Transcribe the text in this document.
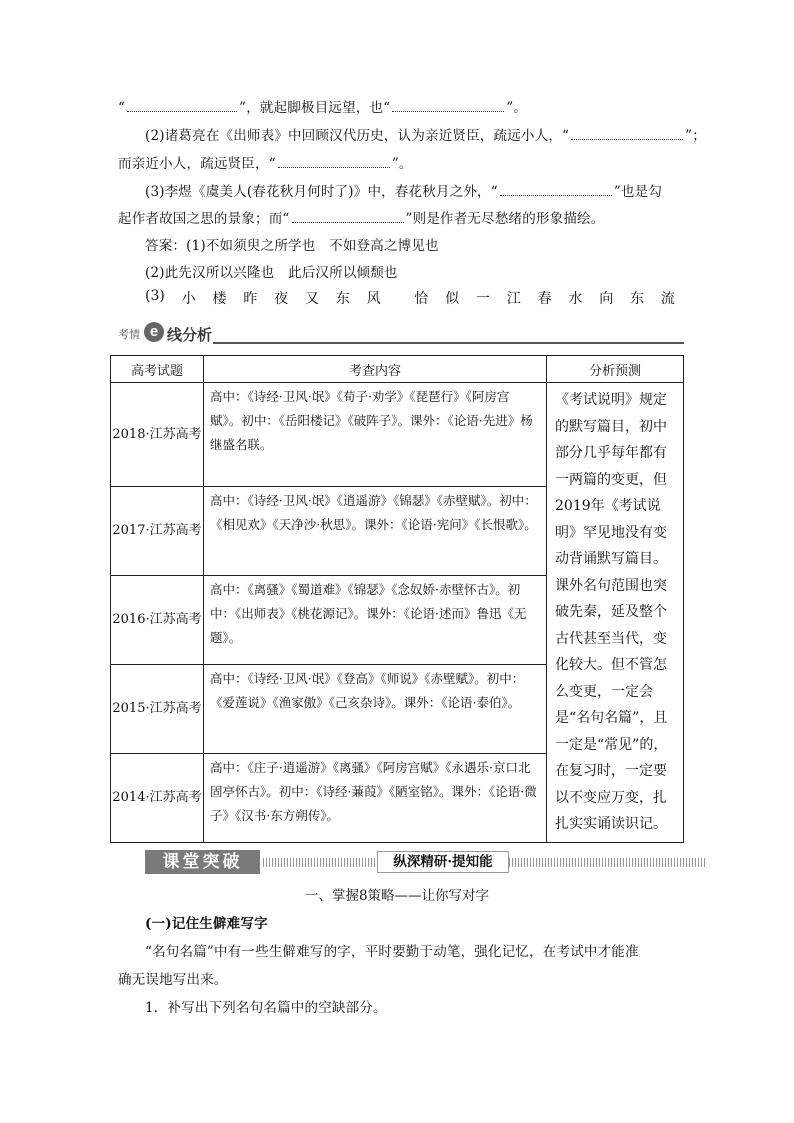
“	”，就起脚极目远望，也“	”。
(2)诸葛亮在《出师表》中回顾汉代历史，认为亲近贤臣，疏远小人，“	”；
而亲近小人，疏远贤臣，“	”。
(3)李煜《虞美人(春花秋月何时了)》中，春花秋月之外，“	”也是勾
起作者故国之思的景象；而“	”则是作者无尽愁绪的形象描绘。
答案：(1)不如须臾之所学也　不如登高之博见也
(2)此先汉所以兴隆也　此后汉所以倾颓也
(3) 小 楼 昨 夜 又 东 风 恰 似 一 江 春 水 向 东 流
考情 e 线分析
高考试题	考查内容	分析预测
2018·江苏高考	高中：《诗经·卫风·氓》《荀子·劝学》《琵琶行》《阿房宫赋》。初中：《岳阳楼记》《破阵子》。课外：《论语·先进》杨继盛名联。	《考试说明》规定的默写篇目，初中部分几乎每年都有一两篇的变更，但2019年《考试说明》罕见地没有变动背诵默写篇目。课外名句范围也突破先秦，延及整个古代甚至当代，变化较大。但不管怎么变更，一定会是“名句名篇”，且一定是“常见”的，在复习时，一定要以不变应万变，扎扎实实诵读识记。
2017·江苏高考	高中：《诗经·卫风·氓》《逍遥游》《锦瑟》《赤壁赋》。初中：《相见欢》《天净沙·秋思》。课外：《论语·宪问》《长恨歌》。	
2016·江苏高考	高中：《离骚》《蜀道难》《锦瑟》《念奴娇·赤壁怀古》。初中：《出师表》《桃花源记》。课外：《论语·述而》鲁迅《无题》。	
2015·江苏高考	高中：《诗经·卫风·氓》《登高》《师说》《赤壁赋》。初中：《爱莲说》《渔家傲》《己亥杂诗》。课外：《论语·泰伯》。	
2014·江苏高考	高中：《庄子·逍遥游》《离骚》《阿房宫赋》《永遇乐·京口北固亭怀古》。初中：《诗经·蒹葭》《陋室铭》。课外：《论语·微子》《汉书·东方朔传》。	
课堂突破	纵深精研·提知能
一、掌握8策略——让你写对字
(一)记住生僻难写字
“名句名篇”中有一些生僻难写的字，平时要勤于动笔，强化记忆，在考试中才能准
确无误地写出来。
1．补写出下列名句名篇中的空缺部分。
